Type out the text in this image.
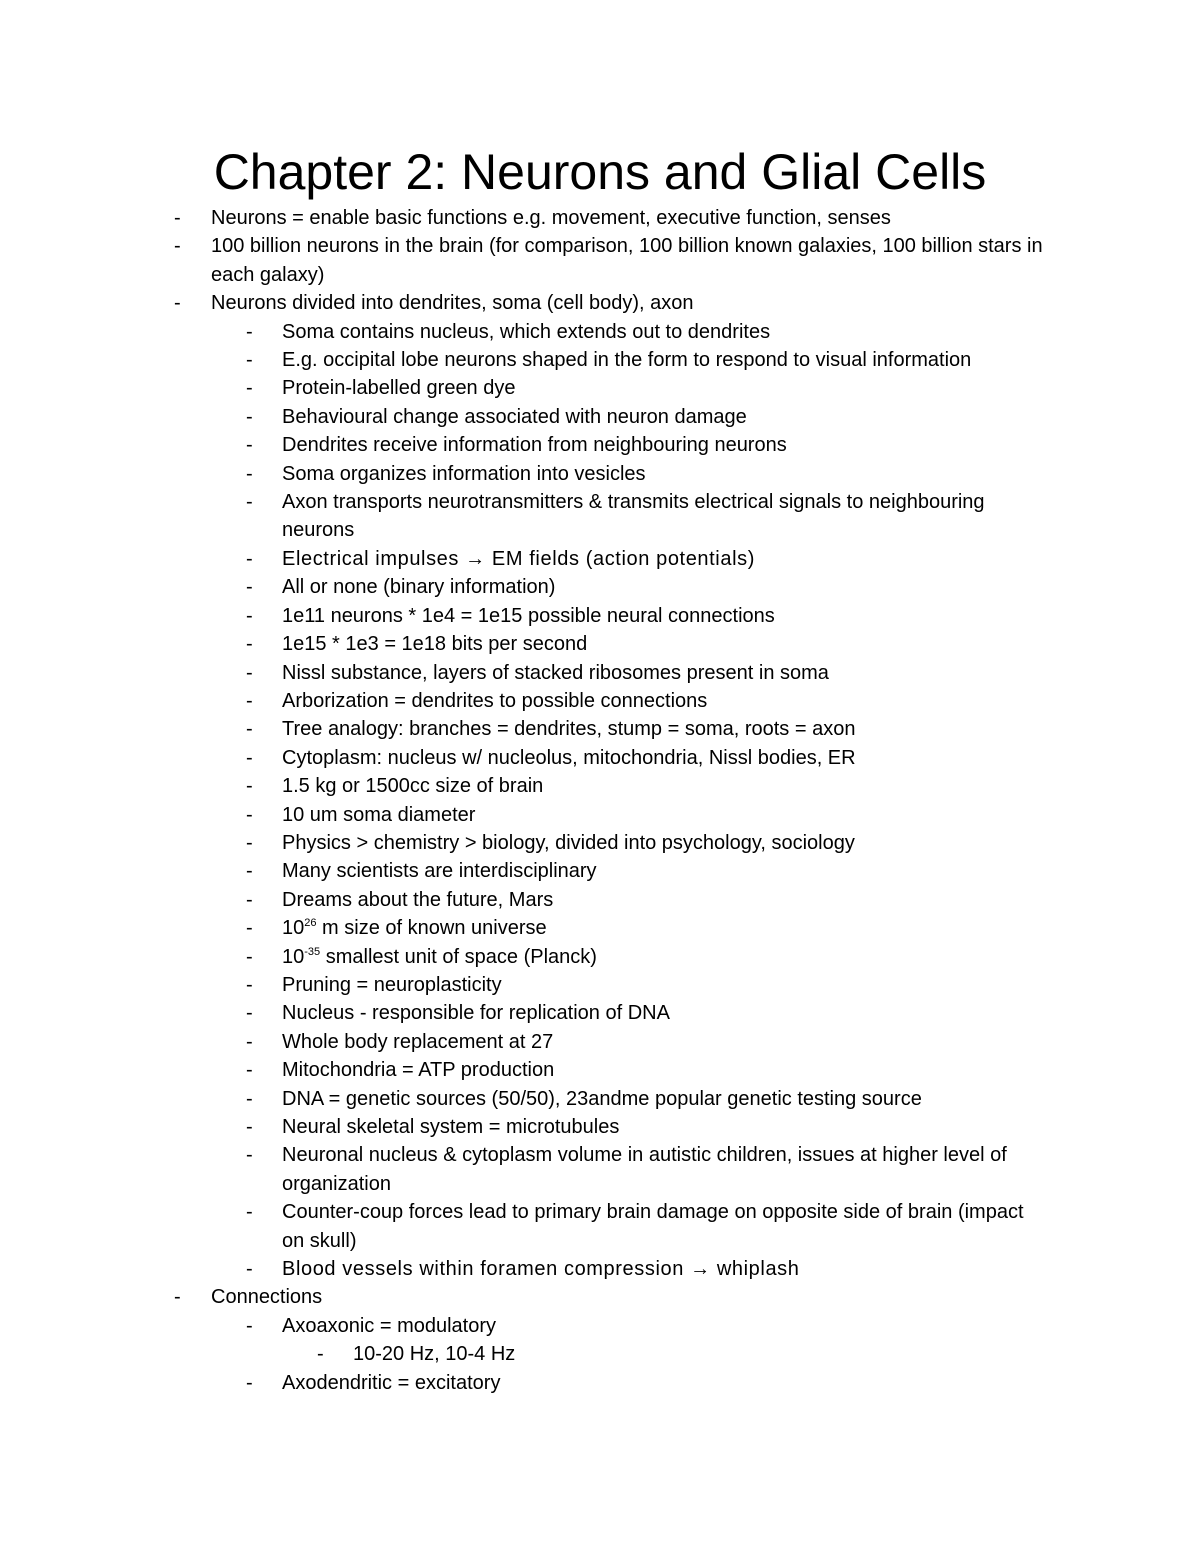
Chapter 2: Neurons and Glial Cells
- Neurons = enable basic functions e.g. movement, executive function, senses
- 100 billion neurons in the brain (for comparison, 100 billion known galaxies, 100 billion stars in each galaxy)
- Neurons divided into dendrites, soma (cell body), axon
- Soma contains nucleus, which extends out to dendrites
- E.g. occipital lobe neurons shaped in the form to respond to visual information
- Protein-labelled green dye
- Behavioural change associated with neuron damage
- Dendrites receive information from neighbouring neurons
- Soma organizes information into vesicles
- Axon transports neurotransmitters & transmits electrical signals to neighbouring neurons
- Electrical impulses → EM fields (action potentials)
- All or none (binary information)
- 1e11 neurons * 1e4 = 1e15 possible neural connections
- 1e15 * 1e3 = 1e18 bits per second
- Nissl substance, layers of stacked ribosomes present in soma
- Arborization = dendrites to possible connections
- Tree analogy: branches = dendrites, stump = soma, roots = axon
- Cytoplasm: nucleus w/ nucleolus, mitochondria, Nissl bodies, ER
- 1.5 kg or 1500cc size of brain
- 10 um soma diameter
- Physics > chemistry > biology, divided into psychology, sociology
- Many scientists are interdisciplinary
- Dreams about the future, Mars
- $10^{26}$ m size of known universe
- $10^{-35}$ smallest unit of space (Planck)
- Pruning = neuroplasticity
- Nucleus - responsible for replication of DNA
- Whole body replacement at 27
- Mitochondria = ATP production
- DNA = genetic sources (50/50), 23andme popular genetic testing source
- Neural skeletal system = microtubules
- Neuronal nucleus & cytoplasm volume in autistic children, issues at higher level of organization
- Counter-coup forces lead to primary brain damage on opposite side of brain (impact on skull)
- Blood vessels within foramen compression → whiplash
- Connections
- Axoaxonic = modulatory
- 10-20 Hz, 10-4 Hz
- Axodendritic = excitatory
